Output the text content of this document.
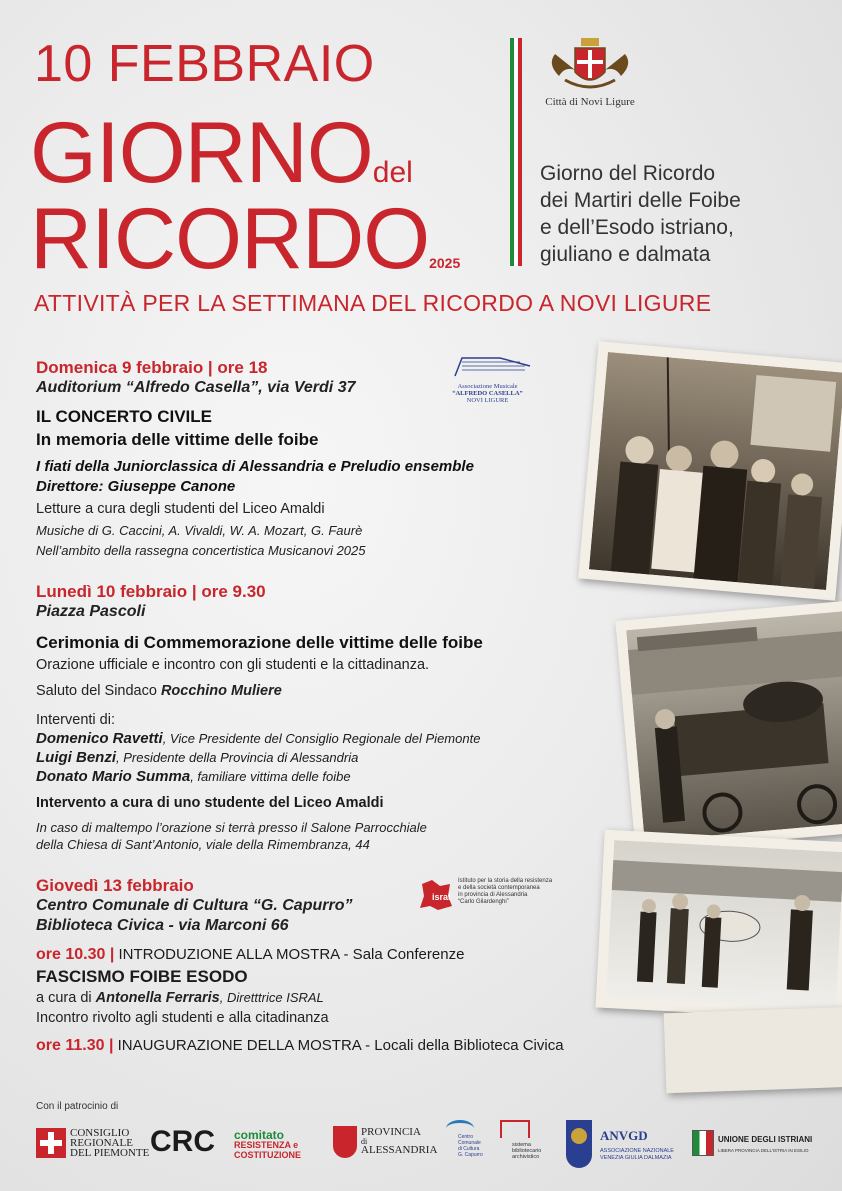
10 FEBBRAIO
GIORNOdel
RICORDO2025
Città di Novi Ligure
Giorno del Ricordo
dei Martiri delle Foibe
e dell’Esodo istriano,
giuliano e dalmata
ATTIVITÀ PER LA SETTIMANA DEL RICORDO A NOVI LIGURE
Domenica 9 febbraio | ore 18
Auditorium “Alfredo Casella”, via Verdi 37	Associazione Musicale
“ALFREDO CASELLA”
NOVI LIGURE
IL CONCERTO CIVILE
In memoria delle vittime delle foibe
I fiati della Juniorclassica di Alessandria e Preludio ensemble
Direttore: Giuseppe Canone
Letture a cura degli studenti del Liceo Amaldi
Musiche di G. Caccini, A. Vivaldi, W. A. Mozart, G. Faurè
Nell’ambito della rassegna concertistica Musicanovi 2025
Lunedì 10 febbraio | ore 9.30
Piazza Pascoli
Cerimonia di Commemorazione delle vittime delle foibe
Orazione ufficiale e incontro con gli studenti e la cittadinanza.
Saluto del Sindaco Rocchino Muliere
Interventi di:
Domenico Ravetti, Vice Presidente del Consiglio Regionale del Piemonte
Luigi Benzi, Presidente della Provincia di Alessandria
Donato Mario Summa, familiare vittima delle foibe
Intervento a cura di uno studente del Liceo Amaldi
In caso di maltempo l’orazione si terrà presso il Salone Parrocchiale
della Chiesa di Sant’Antonio, viale della Rimembranza, 44
Giovedì 13 febbraio
Centro Comunale di Cultura “G. Capurro”
Biblioteca Civica - via Marconi 66
isral
Istituto per la storia della resistenza
e della società contemporanea
in provincia di Alessandria
“Carlo Gilardenghi”
ore 10.30 | INTRODUZIONE ALLA MOSTRA - Sala Conferenze
FASCISMO FOIBE ESODO
a cura di Antonella Ferraris, Diretttrice ISRAL
Incontro rivolto agli studenti e alla citadinanza
ore 11.30 | INAUGURAZIONE DELLA MOSTRA - Locali della Biblioteca Civica
Con il patrocinio di
CONSIGLIO
REGIONALE
DEL PIEMONTE CRC comitato
RESISTENZA e
COSTITUZIONE
PROVINCIA
di
ALESSANDRIA
Centro
Comunale
di Cultura
G. Capurro
sistema
bibliotecario
archivistico
ANVGD
ASSOCIAZIONE NAZIONALE
VENEZIA GIULIA DALMAZIA
UNIONE DEGLI ISTRIANI
LIBERA PROVINCIA DELL’ISTRIA IN ESILIO
